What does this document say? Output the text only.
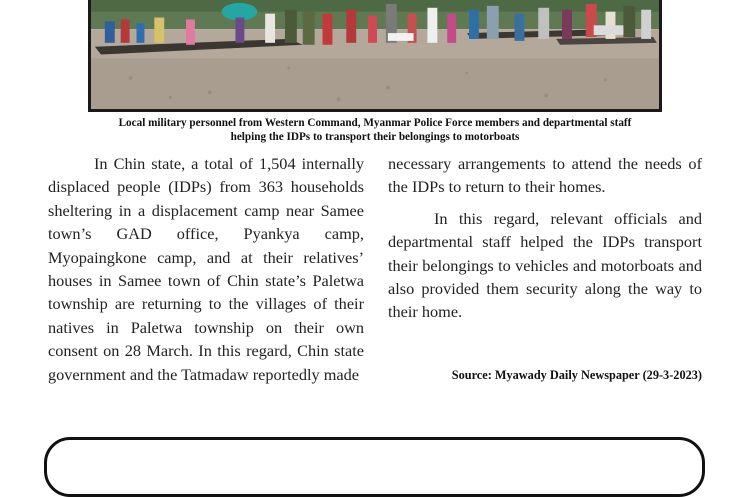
Local military personnel from Western Command, Myanmar Police Force members and departmental staff
helping the IDPs to transport their belongings to motorboats

In Chin state, a total of 1,504 internally displaced people (IDPs) from 363 households sheltering in a displacement camp near Samee town’s GAD office, Pyankya camp, Myopaingkone camp, and at their relatives’ houses in Samee town of Chin state’s Paletwa township are returning to the villages of their natives in Paletwa township on their own consent on 28 March. In this regard, Chin state government and the Tatmadaw reportedly made

necessary arrangements to attend the needs of the IDPs to return to their homes.

In this regard, relevant officials and departmental staff helped the IDPs transport their belongings to vehicles and motorboats and also provided them security along the way to their home.

Source: Myawady Daily Newspaper (29-3-2023)
